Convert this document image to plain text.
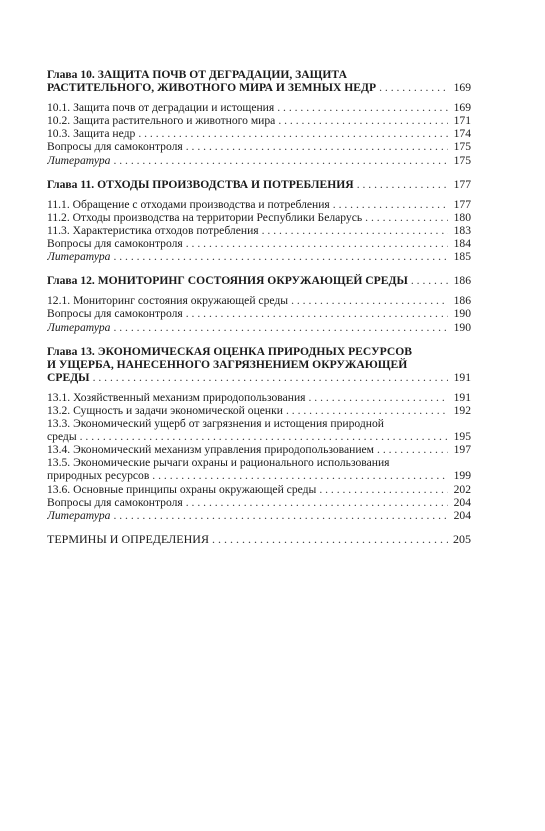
Глава 10. ЗАЩИТА ПОЧВ ОТ ДЕГРАДАЦИИ, ЗАЩИТА
РАСТИТЕЛЬНОГО, ЖИВОТНОГО МИРА И ЗЕМНЫХ НЕДР . . .	169
10.1. Защита почв от деградации и истощения . . .	169
10.2. Защита растительного и животного мира . . .	171
10.3. Защита недр . . .	174
Вопросы для самоконтроля . . .	175
Литература . . .	175
Глава 11. ОТХОДЫ ПРОИЗВОДСТВА И ПОТРЕБЛЕНИЯ . . .	177
11.1. Обращение с отходами производства и потребления . . .	177
11.2. Отходы производства на территории Республики Беларусь . . .	180
11.3. Характеристика отходов потребления . . .	183
Вопросы для самоконтроля . . .	184
Литература . . .	185
Глава 12. МОНИТОРИНГ СОСТОЯНИЯ ОКРУЖАЮЩЕЙ СРЕДЫ . . .	186
12.1. Мониторинг состояния окружающей среды . . .	186
Вопросы для самоконтроля . . .	190
Литература . . .	190
Глава 13. ЭКОНОМИЧЕСКАЯ ОЦЕНКА ПРИРОДНЫХ РЕСУРСОВ
И УЩЕРБА, НАНЕСЕННОГО ЗАГРЯЗНЕНИЕМ ОКРУЖАЮЩЕЙ
СРЕДЫ . . .	191
13.1. Хозяйственный механизм природопользования . . .	191
13.2. Сущность и задачи экономической оценки . . .	192
13.3. Экономический ущерб от загрязнения и истощения природной
среды . . .	195
13.4. Экономический механизм управления природопользованием . . .	197
13.5. Экономические рычаги охраны и рационального использования
природных ресурсов . . .	199
13.6. Основные принципы охраны окружающей среды . . .	202
Вопросы для самоконтроля . . .	204
Литература . . .	204
ТЕРМИНЫ И ОПРЕДЕЛЕНИЯ . . .	205
